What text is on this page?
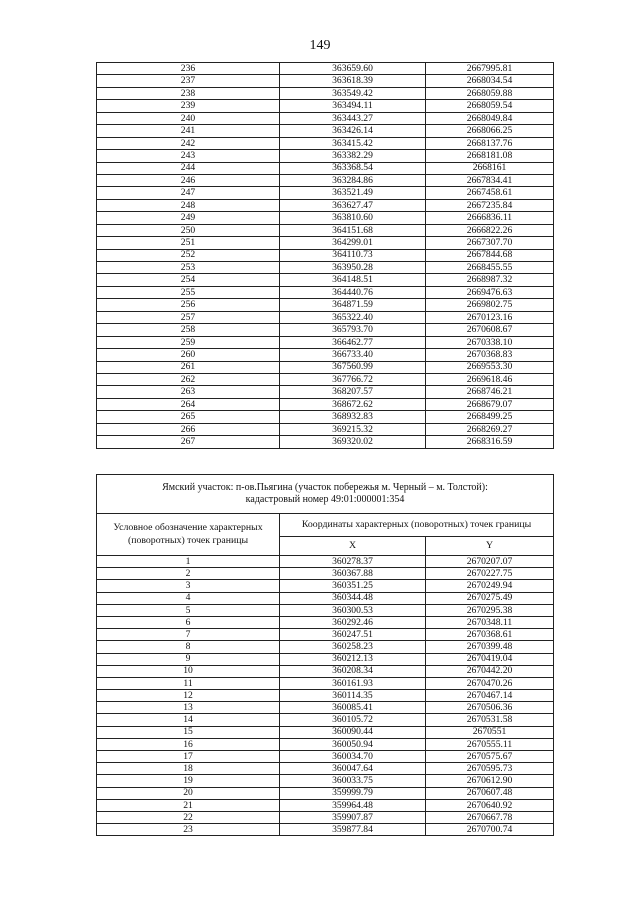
149
236	363659.60	2667995.81
237	363618.39	2668034.54
238	363549.42	2668059.88
239	363494.11	2668059.54
240	363443.27	2668049.84
241	363426.14	2668066.25
242	363415.42	2668137.76
243	363382.29	2668181.08
244	363368.54	2668161
246	363284.86	2667834.41
247	363521.49	2667458.61
248	363627.47	2667235.84
249	363810.60	2666836.11
250	364151.68	2666822.26
251	364299.01	2667307.70
252	364110.73	2667844.68
253	363950.28	2668455.55
254	364148.51	2668987.32
255	364440.76	2669476.63
256	364871.59	2669802.75
257	365322.40	2670123.16
258	365793.70	2670608.67
259	366462.77	2670338.10
260	366733.40	2670368.83
261	367560.99	2669553.30
262	367766.72	2669618.46
263	368207.57	2668746.21
264	368672.62	2668679.07
265	368932.83	2668499.25
266	369215.32	2668269.27
267	369320.02	2668316.59
Ямский участок: п-ов.Пьягина (участок побережья м. Черный – м. Толстой): кадастровый номер 49:01:000001:354		
Условное обозначение характерных (поворотных) точек границы	Координаты характерных (поворотных) точек границы	
	X	Y
1	360278.37	2670207.07
2	360367.88	2670227.75
3	360351.25	2670249.94
4	360344.48	2670275.49
5	360300.53	2670295.38
6	360292.46	2670348.11
7	360247.51	2670368.61
8	360258.23	2670399.48
9	360212.13	2670419.04
10	360208.34	2670442.20
11	360161.93	2670470.26
12	360114.35	2670467.14
13	360085.41	2670506.36
14	360105.72	2670531.58
15	360090.44	2670551
16	360050.94	2670555.11
17	360034.70	2670575.67
18	360047.64	2670595.73
19	360033.75	2670612.90
20	359999.79	2670607.48
21	359964.48	2670640.92
22	359907.87	2670667.78
23	359877.84	2670700.74
